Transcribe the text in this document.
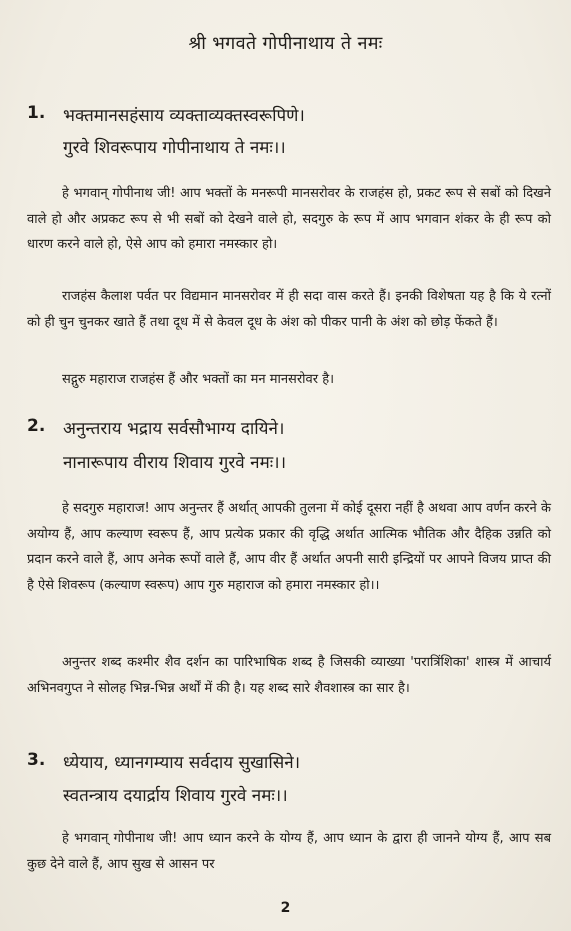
श्री भगवते गोपीनाथाय ते नमः
1. भक्तमानसहंसाय व्यक्ताव्यक्तस्वरूपिणे।
गुरवे शिवरूपाय गोपीनाथाय ते नमः।।

हे भगवान् गोपीनाथ जी! आप भक्तों के मनरूपी मानसरोवर के राजहंस हो, प्रकट रूप से सबों को दिखने वाले हो और अप्रकट रूप से भी सबों को देखने वाले हो, सदगुरु के रूप में आप भगवान शंकर के ही रूप को धारण करने वाले हो, ऐसे आप को हमारा नमस्कार हो।

राजहंस कैलाश पर्वत पर विद्यमान मानसरोवर में ही सदा वास करते हैं। इनकी विशेषता यह है कि ये रत्नों को ही चुन चुनकर खाते हैं तथा दूध में से केवल दूध के अंश को पीकर पानी के अंश को छोड़ फेंकते हैं।

सद्गुरु महाराज राजहंस हैं और भक्तों का मन मानसरोवर है।

2. अनुन्तराय भद्राय सर्वसौभाग्य दायिने।
नानारूपाय वीराय शिवाय गुरवे नमः।।

हे सदगुरु महाराज! आप अनुन्तर हैं अर्थात् आपकी तुलना में कोई दूसरा नहीं है अथवा आप वर्णन करने के अयोग्य हैं, आप कल्याण स्वरूप हैं, आप प्रत्येक प्रकार की वृद्धि अर्थात आत्मिक भौतिक और दैहिक उन्नति को प्रदान करने वाले हैं, आप अनेक रूपों वाले हैं, आप वीर हैं अर्थात अपनी सारी इन्द्रियों पर आपने विजय प्राप्त की है ऐसे शिवरूप (कल्याण स्वरूप) आप गुरु महाराज को हमारा नमस्कार हो।।

अनुन्तर शब्द कश्मीर शैव दर्शन का पारिभाषिक शब्द है जिसकी व्याख्या 'परात्रिंशिका' शास्त्र में आचार्य अभिनवगुप्त ने सोलह भिन्न-भिन्न अर्थों में की है। यह शब्द सारे शैवशास्त्र का सार है।

3. ध्येयाय, ध्यानगम्याय सर्वदाय सुखासिने।
स्वतन्त्राय दयार्द्राय शिवाय गुरवे नमः।।

हे भगवान् गोपीनाथ जी! आप ध्यान करने के योग्य हैं, आप ध्यान के द्वारा ही जानने योग्य हैं, आप सब कुछ देने वाले हैं, आप सुख से आसन पर

2
